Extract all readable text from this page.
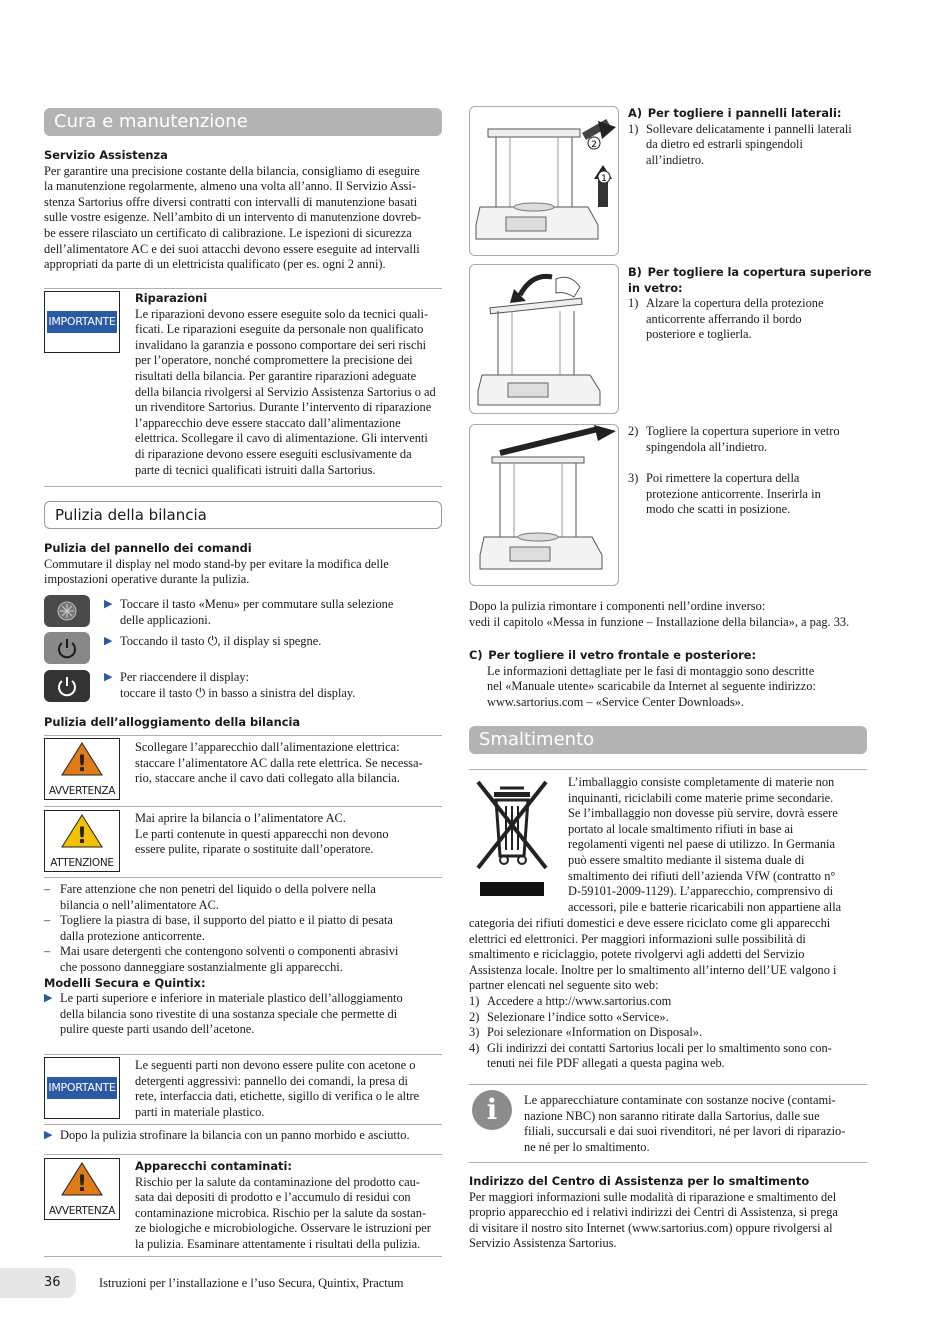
Cura e manutenzione

Servizio Assistenza

Per garantire una precisione costante della bilancia, consigliamo di eseguire
la manutenzione regolarmente, almeno una volta all’anno. Il Servizio Assi-
stenza Sartorius offre diversi contratti con intervalli di manutenzione basati
sulle vostre esigenze. Nell’ambito di un intervento di manutenzione dovreb-
be essere rilasciato un certificato di calibrazione. Le ispezioni di sicurezza
dell’alimentatore AC e dei suoi attacchi devono essere eseguite ad intervalli
appropriati da parte di un elettricista qualificato (per es. ogni 2 anni).
IMPORTANTE

Riparazioni

Le riparazioni devono essere eseguite solo da tecnici quali-
ficati. Le riparazioni eseguite da personale non qualificato
invalidano la garanzia e possono comportare dei seri rischi
per l’operatore, nonché compromettere la precisione dei
risultati della bilancia. Per garantire riparazioni adeguate
della bilancia rivolgersi al Servizio Assistenza Sartorius o ad
un rivenditore Sartorius. Durante l’intervento di riparazione
l’apparecchio deve essere staccato dall’alimentazione
elettrica. Scollegare il cavo di alimentazione. Gli interventi
di riparazione devono essere eseguiti esclusivamente da
parte di tecnici qualificati istruiti dalla Sartorius.
Pulizia della bilancia

Pulizia del pannello dei comandi

Commutare il display nel modo stand-by per evitare la modifica delle
impostazioni operative durante la pulizia.
▶ Toccare il tasto «Menu» per commutare sulla selezione
delle applicazioni.
▶ Toccando il tasto ⏻, il display si spegne.
▶ Per riaccendere il display:
toccare il tasto ⏻ in basso a sinistra del display.

Pulizia dell’alloggiamento della bilancia

!
AVVERTENZA
Scollegare l’apparecchio dall’alimentazione elettrica:
staccare l’alimentatore AC dalla rete elettrica. Se necessa-
rio, staccare anche il cavo dati collegato alla bilancia.
!
ATTENZIONE
Mai aprire la bilancia o l’alimentatore AC.
Le parti contenute in questi apparecchi non devono
essere pulite, riparate o sostituite dall’operatore.
– Fare attenzione che non penetri del liquido o della polvere nella
bilancia o nell’alimentatore AC.
– Togliere la piastra di base, il supporto del piatto e il piatto di pesata
dalla protezione anticorrente.
– Mai usare detergenti che contengono solventi o componenti abrasivi
che possono danneggiare sostanzialmente gli apparecchi.

Modelli Secura e Quintix:

▶ Le parti superiore e inferiore in materiale plastico dell’alloggiamento
della bilancia sono rivestite di una sostanza speciale che permette di
pulire queste parti usando dell’acetone.
IMPORTANTE
Le seguenti parti non devono essere pulite con acetone o
detergenti aggressivi: pannello dei comandi, la presa di
rete, interfaccia dati, etichette, sigillo di verifica o le altre
parti in materiale plastico.
▶ Dopo la pulizia strofinare la bilancia con un panno morbido e asciutto.
!
AVVERTENZA

Apparecchi contaminati:

Rischio per la salute da contaminazione del prodotto cau-
sata dai depositi di prodotto e l’accumulo di residui con
contaminazione microbica. Rischio per la salute da sostan-
ze biologiche e microbiologiche. Osservare le istruzioni per
la pulizia. Esaminare attentamente i risultati della pulizia.
2
1

A) Per togliere i pannelli laterali:

1) Sollevare delicatamente i pannelli laterali
da dietro ed estrarli spingendoli
all’indietro.
B) Per togliere la copertura superiore
in vetro:
1) Alzare la copertura della protezione
anticorrente afferrando il bordo
posteriore e toglierla.
2) Togliere la copertura superiore in vetro
spingendola all’indietro.
3) Poi rimettere la copertura della
protezione anticorrente. Inserirla in
modo che scatti in posizione.
Dopo la pulizia rimontare i componenti nell’ordine inverso:
vedi il capitolo «Messa in funzione – Installazione della bilancia», a pag. 33.

C) Per togliere il vetro frontale e posteriore:

Le informazioni dettagliate per le fasi di montaggio sono descritte
nel «Manuale utente» scaricabile da Internet al seguente indirizzo:
www.sartorius.com – «Service Center Downloads».
Smaltimento
L’imballaggio consiste completamente di materie non
inquinanti, riciclabili come materie prime secondarie.
Se l’imballaggio non dovesse più servire, dovrà essere
portato al locale smaltimento rifiuti in base ai
regolamenti vigenti nel paese di utilizzo. In Germania
può essere smaltito mediante il sistema duale di
smaltimento dei rifiuti dell’azienda VfW (contratto n°
D-59101-2009-1129). L’apparecchio, comprensivo di
accessori, pile e batterie ricaricabili non appartiene alla
categoria dei rifiuti domestici e deve essere riciclato come gli apparecchi
elettrici ed elettronici. Per maggiori informazioni sulle possibilità di
smaltimento e riciclaggio, potete rivolgervi agli addetti del Servizio
Assistenza locale. Inoltre per lo smaltimento all’interno dell’UE valgono i
partner elencati nel seguente sito web:
1) Accedere a http://www.sartorius.com
2) Selezionare l’indice sotto «Service».
3) Poi selezionare «Information on Disposal».
4) Gli indirizzi dei contatti Sartorius locali per lo smaltimento sono con-
tenuti nei file PDF allegati a questa pagina web.
i	Le apparecchiature contaminate con sostanze nocive (contami-
nazione NBC) non saranno ritirate dalla Sartorius, dalle sue
filiali, succursali e dai suoi rivenditori, né per lavori di riparazio-
ne né per lo smaltimento.

Indirizzo del Centro di Assistenza per lo smaltimento

Per maggiori informazioni sulle modalità di riparazione e smaltimento del
proprio apparecchio ed i relativi indirizzi dei Centri di Assistenza, si prega
di visitare il nostro sito Internet (www.sartorius.com) oppure rivolgersi al
Servizio Assistenza Sartorius.
36	Istruzioni per l’installazione e l’uso Secura, Quintix, Practum
